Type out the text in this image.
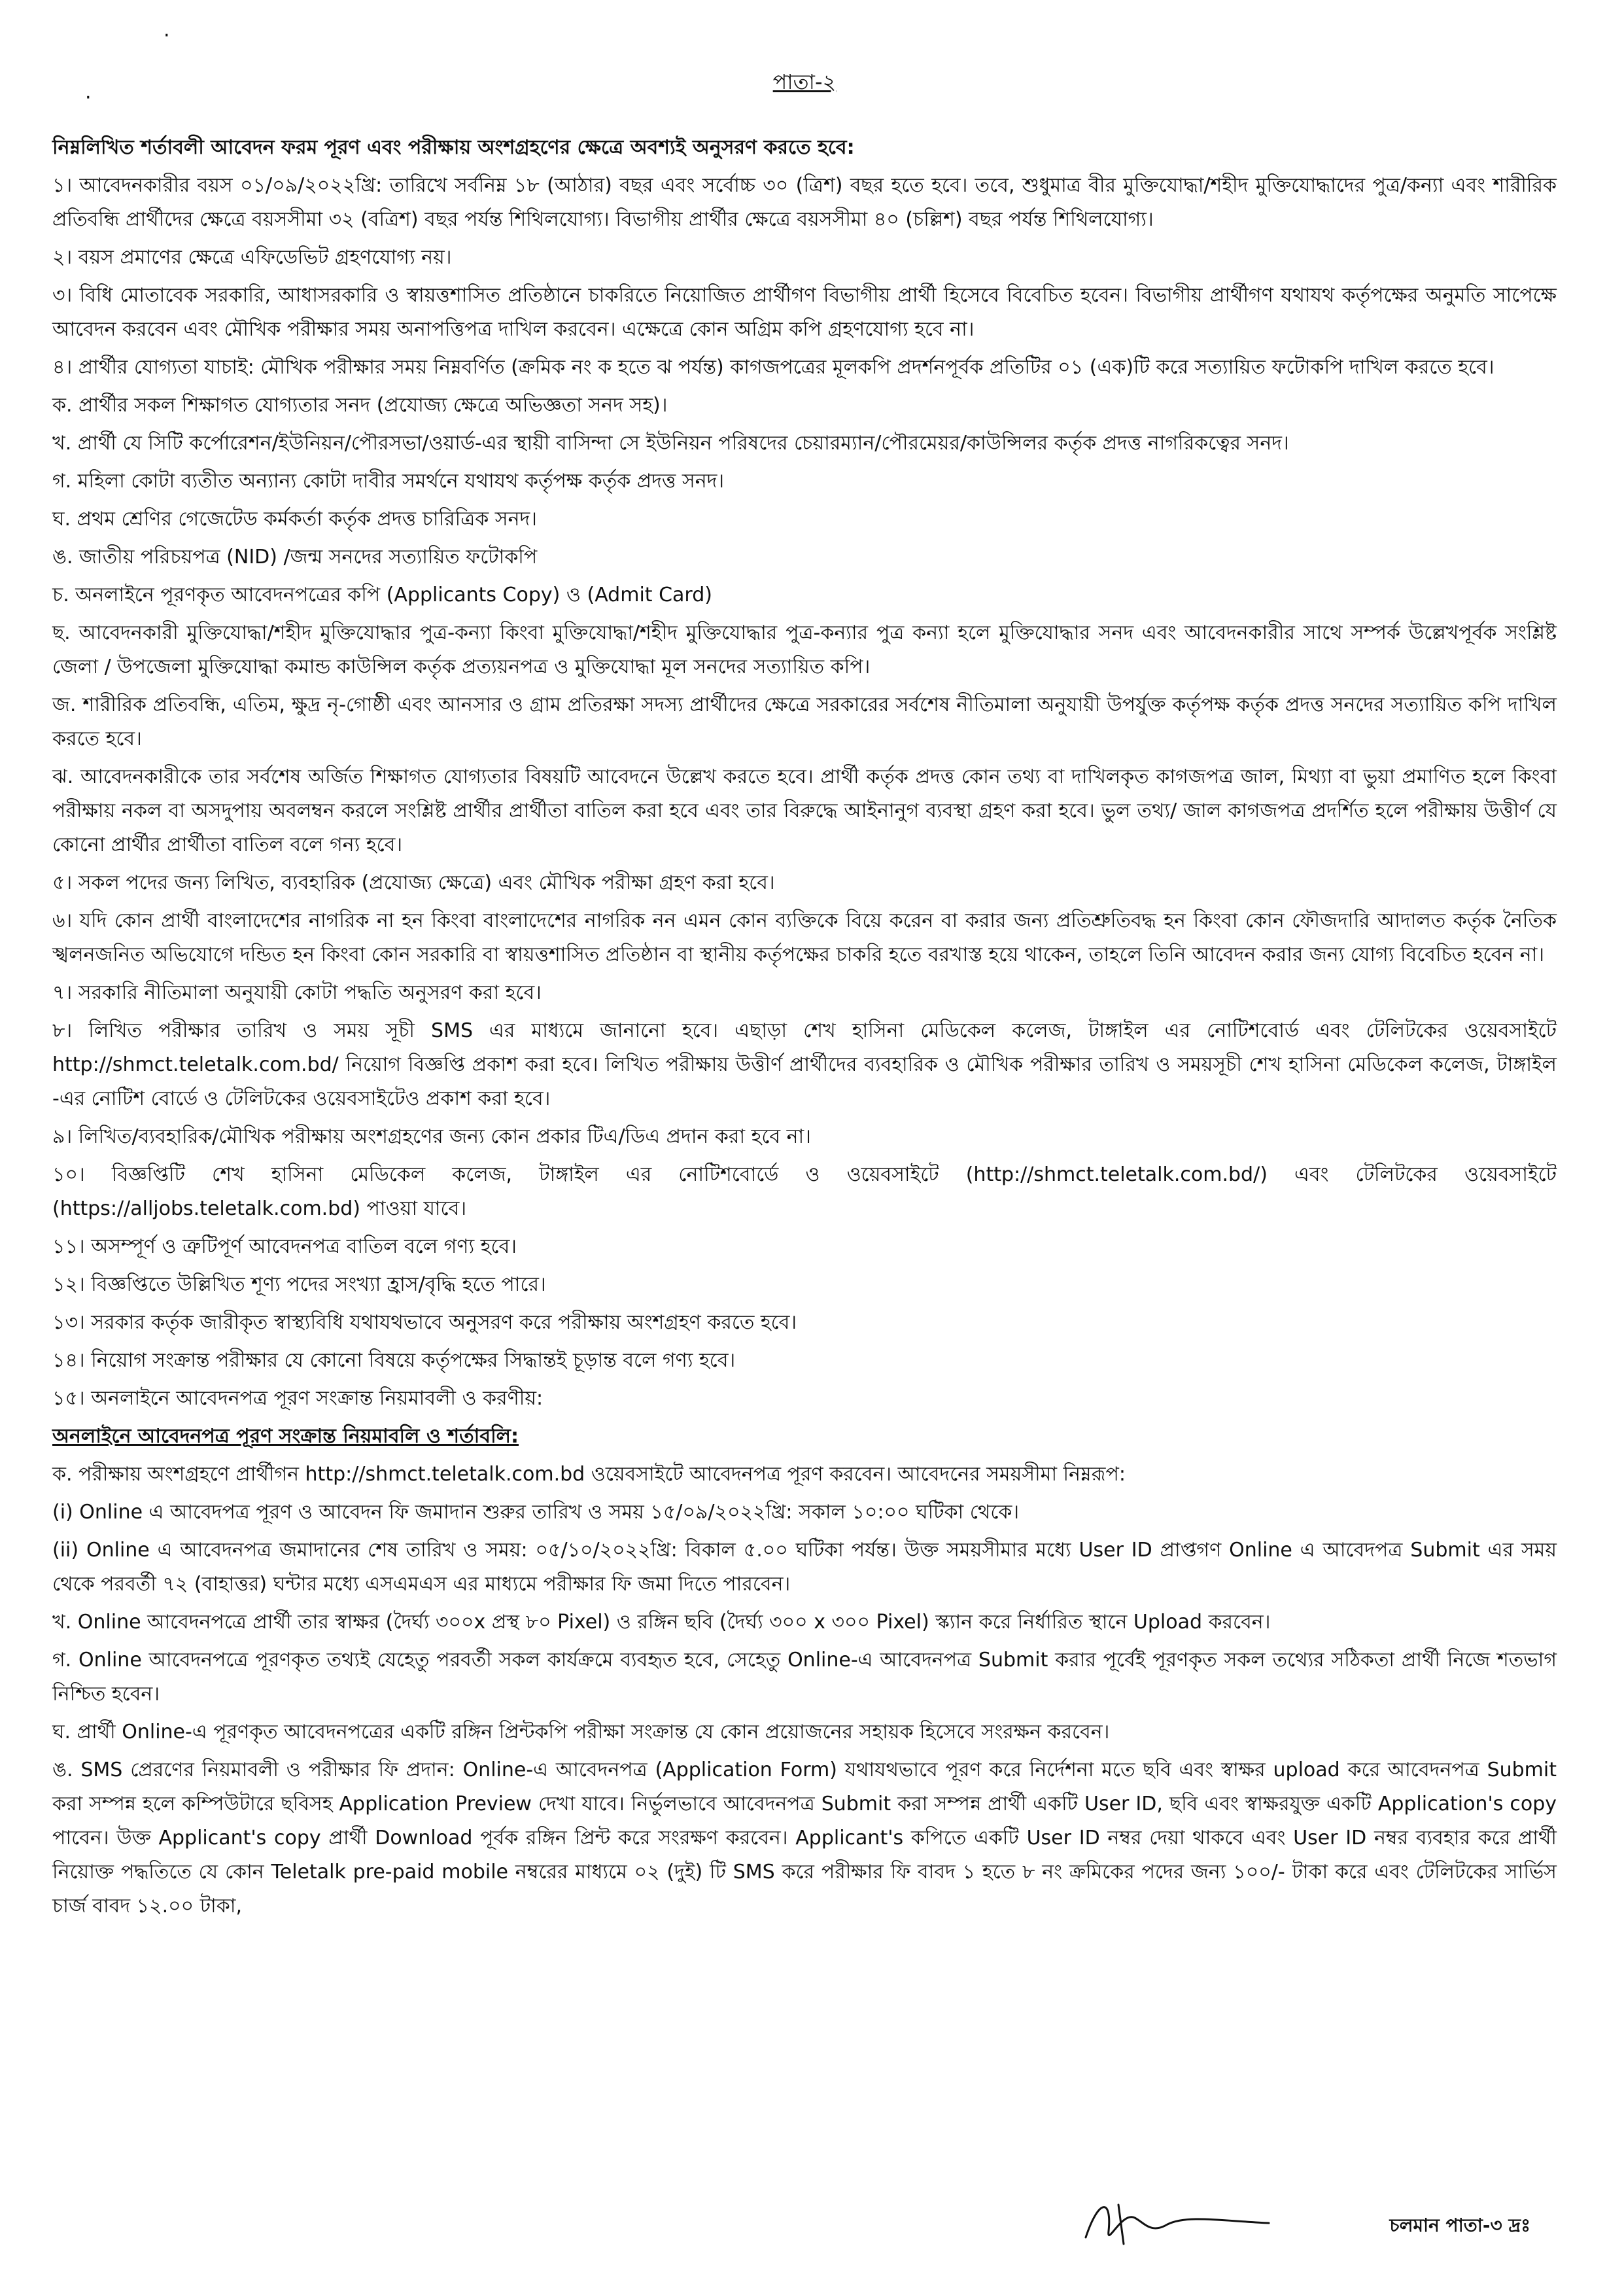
·
·
পাতা-২

নিম্নলিখিত শর্তাবলী আবেদন ফরম পূরণ এবং পরীক্ষায় অংশগ্রহণের ক্ষেত্রে অবশ্যই অনুসরণ করতে হবে:

১। আবেদনকারীর বয়স ০১/০৯/২০২২খ্রি: তারিখে সর্বনিম্ন ১৮ (আঠার) বছর এবং সর্বোচ্চ ৩০ (ত্রিশ) বছর হতে হবে। তবে, শুধুমাত্র বীর মুক্তিযোদ্ধা/শহীদ মুক্তিযোদ্ধাদের পুত্র/কন্যা এবং শারীরিক প্রতিবন্ধি প্রার্থীদের ক্ষেত্রে বয়সসীমা ৩২ (বত্রিশ) বছর পর্যন্ত শিথিলযোগ্য। বিভাগীয় প্রার্থীর ক্ষেত্রে বয়সসীমা ৪০ (চল্লিশ) বছর পর্যন্ত শিথিলযোগ্য।

২। বয়স প্রমাণের ক্ষেত্রে এফিডেভিট গ্রহণযোগ্য নয়।

৩। বিধি মোতাবেক সরকারি, আধাসরকারি ও স্বায়ত্তশাসিত প্রতিষ্ঠানে চাকরিতে নিয়োজিত প্রার্থীগণ বিভাগীয় প্রার্থী হিসেবে বিবেচিত হবেন। বিভাগীয় প্রার্থীগণ যথাযথ কর্তৃপক্ষের অনুমতি সাপেক্ষে আবেদন করবেন এবং মৌখিক পরীক্ষার সময় অনাপত্তিপত্র দাখিল করবেন। এক্ষেত্রে কোন অগ্রিম কপি গ্রহণযোগ্য হবে না।

৪। প্রার্থীর যোগ্যতা যাচাই: মৌখিক পরীক্ষার সময় নিম্নবর্ণিত (ক্রমিক নং ক হতে ঝ পর্যন্ত) কাগজপত্রের মূলকপি প্রদর্শনপূর্বক প্রতিটির ০১ (এক)টি করে সত্যায়িত ফটোকপি দাখিল করতে হবে।

ক. প্রার্থীর সকল শিক্ষাগত যোগ্যতার সনদ (প্রযোজ্য ক্ষেত্রে অভিজ্ঞতা সনদ সহ)।

খ. প্রার্থী যে সিটি কর্পোরেশন/ইউনিয়ন/পৌরসভা/ওয়ার্ড-এর স্থায়ী বাসিন্দা সে ইউনিয়ন পরিষদের চেয়ারম্যান/পৌরমেয়র/কাউন্সিলর কর্তৃক প্রদত্ত নাগরিকত্বের সনদ।

গ. মহিলা কোটা ব্যতীত অন্যান্য কোটা দাবীর সমর্থনে যথাযথ কর্তৃপক্ষ কর্তৃক প্রদত্ত সনদ।

ঘ. প্রথম শ্রেণির গেজেটেড কর্মকর্তা কর্তৃক প্রদত্ত চারিত্রিক সনদ।

ঙ. জাতীয় পরিচয়পত্র (NID) /জন্ম সনদের সত্যায়িত ফটোকপি

চ. অনলাইনে পূরণকৃত আবেদনপত্রের কপি (Applicants Copy) ও (Admit Card)

ছ. আবেদনকারী মুক্তিযোদ্ধা/শহীদ মুক্তিযোদ্ধার পুত্র-কন্যা কিংবা মুক্তিযোদ্ধা/শহীদ মুক্তিযোদ্ধার পুত্র-কন্যার পুত্র কন্যা হলে মুক্তিযোদ্ধার সনদ এবং আবেদনকারীর সাথে সম্পর্ক উল্লেখপূর্বক সংশ্লিষ্ট জেলা / উপজেলা মুক্তিযোদ্ধা কমান্ড কাউন্সিল কর্তৃক প্রত্যয়নপত্র ও মুক্তিযোদ্ধা মূল সনদের সত্যায়িত কপি।

জ. শারীরিক প্রতিবন্ধি, এতিম, ক্ষুদ্র নৃ-গোষ্ঠী এবং আনসার ও গ্রাম প্রতিরক্ষা সদস্য প্রার্থীদের ক্ষেত্রে সরকারের সর্বশেষ নীতিমালা অনুযায়ী উপর্যুক্ত কর্তৃপক্ষ কর্তৃক প্রদত্ত সনদের সত্যায়িত কপি দাখিল করতে হবে।

ঝ. আবেদনকারীকে তার সর্বশেষ অর্জিত শিক্ষাগত যোগ্যতার বিষয়টি আবেদনে উল্লেখ করতে হবে। প্রার্থী কর্তৃক প্রদত্ত কোন তথ্য বা দাখিলকৃত কাগজপত্র জাল, মিথ্যা বা ভুয়া প্রমাণিত হলে কিংবা পরীক্ষায় নকল বা অসদুপায় অবলম্বন করলে সংশ্লিষ্ট প্রার্থীর প্রার্থীতা বাতিল করা হবে এবং তার বিরুদ্ধে আইনানুগ ব্যবস্থা গ্রহণ করা হবে। ভুল তথ্য/ জাল কাগজপত্র প্রদর্শিত হলে পরীক্ষায় উত্তীর্ণ যে কোনো প্রার্থীর প্রার্থীতা বাতিল বলে গন্য হবে।

৫। সকল পদের জন্য লিখিত, ব্যবহারিক (প্রযোজ্য ক্ষেত্রে) এবং মৌখিক পরীক্ষা গ্রহণ করা হবে।

৬। যদি কোন প্রার্থী বাংলাদেশের নাগরিক না হন কিংবা বাংলাদেশের নাগরিক নন এমন কোন ব্যক্তিকে বিয়ে করেন বা করার জন্য প্রতিশ্রুতিবদ্ধ হন কিংবা কোন ফৌজদারি আদালত কর্তৃক নৈতিক স্খলনজনিত অভিযোগে দন্ডিত হন কিংবা কোন সরকারি বা স্বায়ত্তশাসিত প্রতিষ্ঠান বা স্থানীয় কর্তৃপক্ষের চাকরি হতে বরখাস্ত হয়ে থাকেন, তাহলে তিনি আবেদন করার জন্য যোগ্য বিবেচিত হবেন না।

৭। সরকারি নীতিমালা অনুযায়ী কোটা পদ্ধতি অনুসরণ করা হবে।

৮। লিখিত পরীক্ষার তারিখ ও সময় সূচী SMS এর মাধ্যমে জানানো হবে। এছাড়া শেখ হাসিনা মেডিকেল কলেজ, টাঙ্গাইল এর নোটিশবোর্ড এবং টেলিটকের ওয়েবসাইটে http://shmct.teletalk.com.bd/ নিয়োগ বিজ্ঞপ্তি প্রকাশ করা হবে। লিখিত পরীক্ষায় উত্তীর্ণ প্রার্থীদের ব্যবহারিক ও মৌখিক পরীক্ষার তারিখ ও সময়সূচী শেখ হাসিনা মেডিকেল কলেজ, টাঙ্গাইল -এর নোটিশ বোর্ডে ও টেলিটকের ওয়েবসাইটেও প্রকাশ করা হবে।

৯। লিখিত/ব্যবহারিক/মৌখিক পরীক্ষায় অংশগ্রহণের জন্য কোন প্রকার টিএ/ডিএ প্রদান করা হবে না।

১০। বিজ্ঞপ্তিটি শেখ হাসিনা মেডিকেল কলেজ, টাঙ্গাইল এর নোটিশবোর্ডে ও ওয়েবসাইটে (http://shmct.teletalk.com.bd/) এবং টেলিটকের ওয়েবসাইটে (https://alljobs.teletalk.com.bd) পাওয়া যাবে।

১১। অসম্পূর্ণ ও ত্রুটিপূর্ণ আবেদনপত্র বাতিল বলে গণ্য হবে।

১২। বিজ্ঞপ্তিতে উল্লিখিত শূণ্য পদের সংখ্যা হ্রাস/বৃদ্ধি হতে পারে।

১৩। সরকার কর্তৃক জারীকৃত স্বাস্থ্যবিধি যথাযথভাবে অনুসরণ করে পরীক্ষায় অংশগ্রহণ করতে হবে।

১৪। নিয়োগ সংক্রান্ত পরীক্ষার যে কোনো বিষয়ে কর্তৃপক্ষের সিদ্ধান্তই চূড়ান্ত বলে গণ্য হবে।

১৫। অনলাইনে আবেদনপত্র পূরণ সংক্রান্ত নিয়মাবলী ও করণীয়:

অনলাইনে আবেদনপত্র পূরণ সংক্রান্ত নিয়মাবলি ও শর্তাবলি:

ক. পরীক্ষায় অংশগ্রহণে প্রার্থীগন http://shmct.teletalk.com.bd ওয়েবসাইটে আবেদনপত্র পূরণ করবেন। আবেদনের সময়সীমা নিম্নরূপ:

(i) Online এ আবেদপত্র পূরণ ও আবেদন ফি জমাদান শুরুর তারিখ ও সময় ১৫/০৯/২০২২খ্রি: সকাল ১০:০০ ঘটিকা থেকে।

(ii) Online এ আবেদনপত্র জমাদানের শেষ তারিখ ও সময়: ০৫/১০/২০২২খ্রি: বিকাল ৫.০০ ঘটিকা পর্যন্ত। উক্ত সময়সীমার মধ্যে User ID প্রাপ্তগণ Online এ আবেদপত্র Submit এর সময় থেকে পরবর্তী ৭২ (বাহাত্তর) ঘন্টার মধ্যে এসএমএস এর মাধ্যমে পরীক্ষার ফি জমা দিতে পারবেন।

খ. Online আবেদনপত্রে প্রার্থী তার স্বাক্ষর (দৈর্ঘ্য ৩০০x প্রস্থ ৮০ Pixel) ও রঙ্গিন ছবি (দৈর্ঘ্য ৩০০ x ৩০০ Pixel) স্ক্যান করে নির্ধারিত স্থানে Upload করবেন।

গ. Online আবেদনপত্রে পূরণকৃত তথ্যই যেহেতু পরবর্তী সকল কার্যক্রমে ব্যবহৃত হবে, সেহেতু Online-এ আবেদনপত্র Submit করার পূর্বেই পূরণকৃত সকল তথ্যের সঠিকতা প্রার্থী নিজে শতভাগ নিশ্চিত হবেন।

ঘ. প্রার্থী Online-এ পূরণকৃত আবেদনপত্রের একটি রঙ্গিন প্রিন্টকপি পরীক্ষা সংক্রান্ত যে কোন প্রয়োজনের সহায়ক হিসেবে সংরক্ষন করবেন।

ঙ. SMS প্রেরণের নিয়মাবলী ও পরীক্ষার ফি প্রদান: Online-এ আবেদনপত্র (Application Form) যথাযথভাবে পূরণ করে নির্দেশনা মতে ছবি এবং স্বাক্ষর upload করে আবেদনপত্র Submit করা সম্পন্ন হলে কম্পিউটারে ছবিসহ Application Preview দেখা যাবে। নির্ভুলভাবে আবেদনপত্র Submit করা সম্পন্ন প্রার্থী একটি User ID, ছবি এবং স্বাক্ষরযুক্ত একটি Application's copy পাবেন। উক্ত Applicant's copy প্রার্থী Download পূর্বক রঙ্গিন প্রিন্ট করে সংরক্ষণ করবেন। Applicant's কপিতে একটি User ID নম্বর দেয়া থাকবে এবং User ID নম্বর ব্যবহার করে প্রার্থী নিয়োক্ত পদ্ধতিতে যে কোন Teletalk pre-paid mobile নম্বরের মাধ্যমে ০২ (দুই) টি SMS করে পরীক্ষার ফি বাবদ ১ হতে ৮ নং ক্রমিকের পদের জন্য ১০০/- টাকা করে এবং টেলিটকের সার্ভিস চার্জ বাবদ ১২.০০ টাকা,

চলমান পাতা-৩ দ্রঃ
